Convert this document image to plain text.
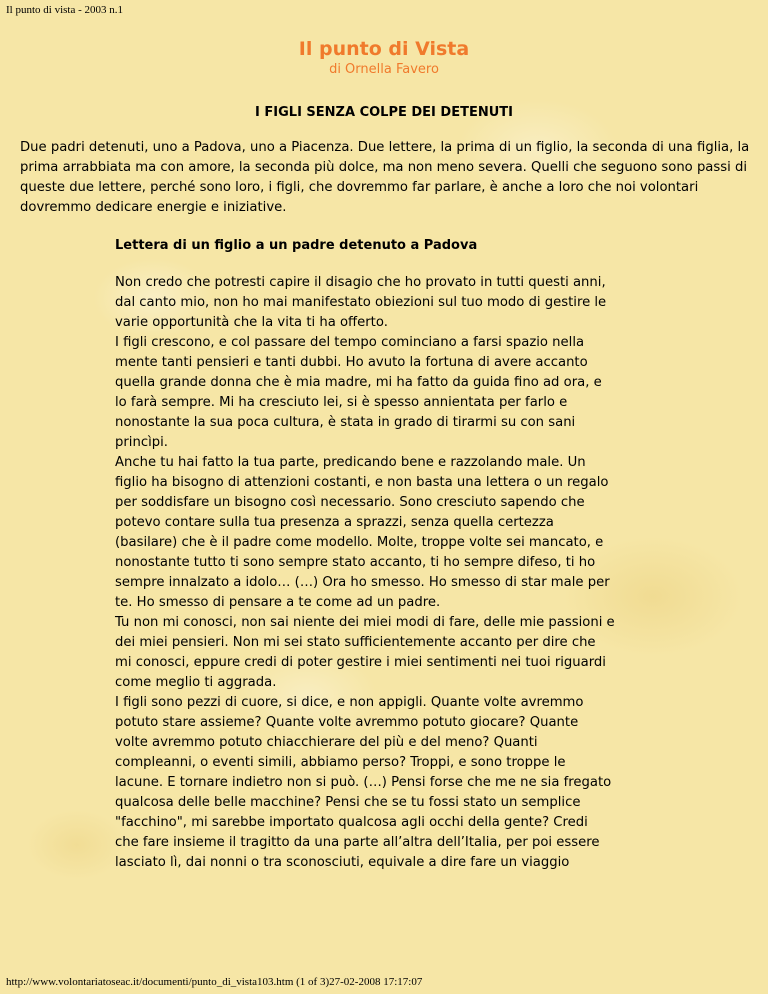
Il punto di vista - 2003 n.1
Il punto di Vista
di Ornella Favero
I FIGLI SENZA COLPE DEI DETENUTI
Due padri detenuti, uno a Padova, uno a Piacenza. Due lettere, la prima di un figlio, la seconda di una figlia, la prima arrabbiata ma con amore, la seconda più dolce, ma non meno severa. Quelli che seguono sono passi di queste due lettere, perché sono loro, i figli, che dovremmo far parlare, è anche a loro che noi volontari dovremmo dedicare energie e iniziative.
Lettera di un figlio a un padre detenuto a Padova

Non credo che potresti capire il disagio che ho provato in tutti questi anni, dal canto mio, non ho mai manifestato obiezioni sul tuo modo di gestire le varie opportunità che la vita ti ha offerto.

I figli crescono, e col passare del tempo cominciano a farsi spazio nella mente tanti pensieri e tanti dubbi. Ho avuto la fortuna di avere accanto quella grande donna che è mia madre, mi ha fatto da guida fino ad ora, e lo farà sempre. Mi ha cresciuto lei, si è spesso annientata per farlo e nonostante la sua poca cultura, è stata in grado di tirarmi su con sani princìpi.

Anche tu hai fatto la tua parte, predicando bene e razzolando male. Un figlio ha bisogno di attenzioni costanti, e non basta una lettera o un regalo per soddisfare un bisogno così necessario. Sono cresciuto sapendo che potevo contare sulla tua presenza a sprazzi, senza quella certezza (basilare) che è il padre come modello. Molte, troppe volte sei mancato, e nonostante tutto ti sono sempre stato accanto, ti ho sempre difeso, ti ho sempre innalzato a idolo… (…) Ora ho smesso. Ho smesso di star male per te. Ho smesso di pensare a te come ad un padre.

Tu non mi conosci, non sai niente dei miei modi di fare, delle mie passioni e dei miei pensieri. Non mi sei stato sufficientemente accanto per dire che mi conosci, eppure credi di poter gestire i miei sentimenti nei tuoi riguardi come meglio ti aggrada.

I figli sono pezzi di cuore, si dice, e non appigli. Quante volte avremmo potuto stare assieme? Quante volte avremmo potuto giocare? Quante volte avremmo potuto chiacchierare del più e del meno? Quanti compleanni, o eventi simili, abbiamo perso? Troppi, e sono troppe le lacune. E tornare indietro non si può. (…) Pensi forse che me ne sia fregato qualcosa delle belle macchine? Pensi che se tu fossi stato un semplice "facchino", mi sarebbe importato qualcosa agli occhi della gente? Credi che fare insieme il tragitto da una parte all’altra dell’Italia, per poi essere lasciato lì, dai nonni o tra sconosciuti, equivale a dire fare un viaggio

http://www.volontariatoseac.it/documenti/punto_di_vista103.htm (1 of 3)27-02-2008 17:17:07
